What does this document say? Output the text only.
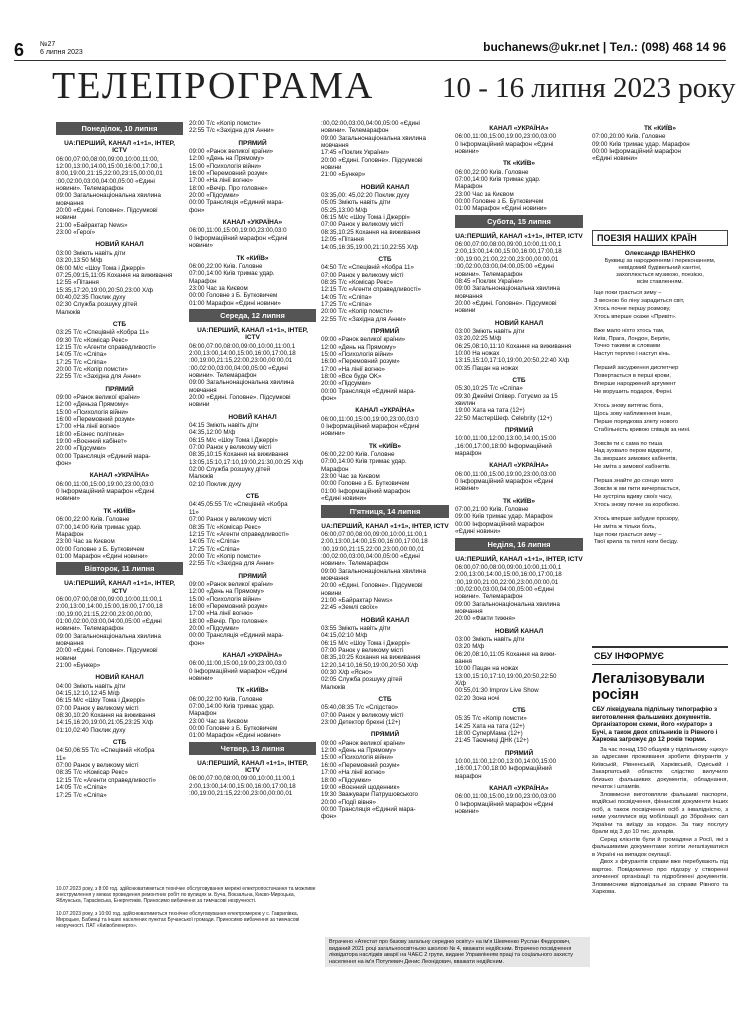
6 №27
6 липня 2023	buchanews@ukr.net | Тел.: (098) 468 14 96
ТЕЛЕПРОГРАМА 10 - 16 липня 2023 року
Понеділок, 10 липня
UA:ПЕРШИЙ, КАНАЛ «1+1», ІНТЕР, ICTV
06:00,07:00,08:00,09:00,10:00,11:00,
12:00,13:00,14:00,15:00,16:00,17:00,1
8:00,19:00,21:15,22:00,23:15,00:00,01
:00,02:00,03:00,04:00,05:00 «Єдині
новини». Телемарафон
09:00 Загальнонаціональна хвилина
мовчання
20:00 «Єдині. Головне». Підсумкові
новини
21:00 «Байрактар News»
23:00 «Герої»
НОВИЙ КАНАЛ
03:00 Зміють навіть діти
03:20,13:50 М/ф
06:00 М/с «Шоу Тома і Джеррі»
07:25,09:15,11:05 Кохання на виживання
12:55 «Пітання
15:35,17:20,19:00,20:50,23:00 Х/ф
00:40,02:35 Поклик духу
02:30 Служба розшуку дітей
Малюків
СТБ
03:25 Т/с «Спецівній «Кобра 11»
09:30 Т/с «Комісар Рекс»
12:15 Т/с «Агенти справедливості»
14:05 Т/с «Сліпа»
17:25 Т/с «Сліпа»
20:00 Т/с «Копір помсти»
22:55 Т/с «Західна для Анни»
ПРЯМИЙ
09:00 «Ранок великої країни»
12:00 «Деньза Прямому»
15:00 «Психологія війни»
16:00 «Перемовний розум»
17:00 «На лінії вогню»
18:00 «Бізнес політика»
19:00 «Воєнний кабінет»
20:00 «Підсумки»
00:00 Трансляція «Єдиний мара-
фон»
КАНАЛ «УКРАЇНА»
06:00,11:00,15:00,19:00,23:00,03:0
0 Інформаційний марафон «Єдині
новини»
ТК «КИЇВ»
06:00,22:00 Київ. Головне
07:00,14:00 Київ тримає удар.
Марафон
23:00 Час за Києвом
00:00 Головне з Б. Бутковичем
01:00 Марафон «Єдині новини»
Вівторок, 11 липня
UA:ПЕРШИЙ, КАНАЛ «1+1», ІНТЕР, ICTV
06:00,07:00,08:00,09:00,10:00,11:00,1
2:00,13:00,14:00,15:00,16:00,17:00,18
:00,19:00,21:15,22:00,23:00,00:00,
01:00,02:00,03:00,04:00,05:00 «Єдині
новини». Телемарафон
09:00 Загальнонаціональна хвилина
мовчання
20:00 «Єдині. Головне». Підсумкові
новини
21:00 «Бункер»
НОВИЙ КАНАЛ
04:00 Зміють навіть діти
04:15,12:10,12:45 М/ф
06:15 М/с «Шоу Тома і Джеррі»
07:00 Ранок у великому місті
08:30,10:20 Кохання на виживання
14:15,16:20,19:00,21:05,23:25 Х/ф
01:10,02:40 Поклик духу
СТБ
04:50,06:55 Т/с «Спецівній «Кобра
11»
07:00 Ранок у великому місті
08:35 Т/с «Комісар Рекс»
12:15 Т/с «Агенти справедливості»
14:05 Т/с «Сліпа»
17:25 Т/с «Сліпа»
20:00 Т/с «Копір помсти»
22:55 Т/с «Західна для Анни»
ПРЯМИЙ
09:00 «Ранок великої країни»
12:00 «День на Прямому»
15:00 «Психологія війни»
16:00 «Перемовний розум»
17:00 «На лінії вогню»
18:00 «Вечір. Про головне»
20:00 «Підсумки»
00:00 Трансляція «Єдиний мара-
фон»
КАНАЛ «УКРАЇНА»
06:00,11:00,15:00,19:00,23:00,03:0
0 Інформаційний марафон «Єдині
новини»
ТК «КИЇВ»
06:00,22:00 Київ. Головне
07:00,14:00 Київ тримає удар.
Марафон
23:00 Час за Києвом
00:00 Головне з Б. Бутковичем
01:00 Марафон «Єдині новини»
Середа, 12 липня
UA:ПЕРШИЙ, КАНАЛ «1+1», ІНТЕР, ICTV
06:00,07:00,08:00,09:00,10:00,11:00,1
2:00,13:00,14:00,15:00,16:00,17:00,18
:00,19:00,21:15,22:00,23:00,00:00,01
:00,02:00,03:00,04:00,05:00 «Єдині
новини». Телемарафон
09:00 Загальнонаціональна хвилина
мовчання
20:00 «Єдині. Головне». Підсумкові
новини
НОВИЙ КАНАЛ
04:15 Зміють навіть діти
04:35,12:00 М/ф
06:15 М/с «Шоу Тома і Джеррі»
07:00 Ранок у великому місті
08:35,10:15 Кохання на виживання
13:05,15:10,17:10,19:00,21:30,00:25 Х/ф
02:00 Служба розшуку дітей
Малюків
02:10 Поклик духу
СТБ
04:45,05:55 Т/с «Спецівній «Кобра
11»
07:00 Ранок у великому місті
08:35 Т/с «Комісар Рекс»
12:15 Т/с «Агенти справедливості»
14:05 Т/с «Сліпа»
17:25 Т/с «Сліпа»
20:00 Т/с «Копір помсти»
22:55 Т/с «Західна для Анни»
ПРЯМИЙ
09:00 «Ранок великої країни»
12:00 «День на Прямому»
15:00 «Психологія війни»
16:00 «Перемовний розум»
17:00 «На лінії вогню»
18:00 «Вечір. Про головне»
20:00 «Підсумки»
00:00 Трансляція «Єдиний мара-
фон»
КАНАЛ «УКРАЇНА»
06:00,11:00,15:00,19:00,23:00,03:0
0 Інформаційний марафон «Єдині
новини»
ТК «КИЇВ»
06:00,22:00 Київ. Головне
07:00,14:00 Київ тримає удар.
Марафон
23:00 Час за Києвом
00:00 Головне з Б. Бутковичем
01:00 Марафон «Єдині новини»
Четвер, 13 липня
UA:ПЕРШИЙ, КАНАЛ «1+1», ІНТЕР, ICTV
06:00,07:00,08:00,09:00,10:00,11:00,1
2:00,13:00,14:00,15:00,16:00,17:00,18
:00,19:00,21:15,22:00,23:00,00:00,01
:00,02:00,03:00,04:00,05:00 «Єдині
новини». Телемарафон
09:00 Загальнонаціональна хвилина
мовчання
17:45 «Поклик України»
20:00 «Єдині. Головне». Підсумкові
новини
21:00 «Бункер»
НОВИЙ КАНАЛ
03:35,00: 45,02:20 Поклик духу
05:05 Зміють навіть діти
05:25,13:00 М/ф
06:15 М/с «Шоу Тома і Джеррі»
07:00 Ранок у великому місті
08:35,10:25 Кохання на виживання
12:05 «Пітання
14:05,16:35,19:00,21:10,22:55 Х/ф
СТБ
04:50 Т/с «Спецівній «Кобра 11»
07:00 Ранок у великому місті
08:35 Т/с «Комісар Рекс»
12:15 Т/с «Агенти справедливості»
14:05 Т/с «Сліпа»
17:25 Т/с «Сліпа»
20:00 Т/с «Копір помсти»
22:55 Т/с «Західна для Анни»
ПРЯМИЙ
09:00 «Ранок великої країни»
12:00 «День на Прямому»
15:00 «Психологія війни»
16:00 «Перемовний розум»
17:00 «На лінії вогню»
18:00 «Все буде OK»
20:00 «Підсумки»
00:00 Трансляція «Єдиний мара-
фон»
КАНАЛ «УКРАЇНА»
06:00,11:00,15:00,19:00,23:00,03:0
0 Інформаційний марафон «Єдині
новини»
ТК «КИЇВ»
06:00,22:00 Київ. Головне
07:00,14:00 Київ тримає удар.
Марафон
23:00 Час за Києвом
00:00 Головне з Б. Бутковичем
01:00 Інформаційний марафон
«Єдині новини»
П'ятниця, 14 липня
UA:ПЕРШИЙ, КАНАЛ «1+1», ІНТЕР, ICTV
06:00,07:00,08:00,09:00,10:00,11:00,1
2:00,13:00,14:00,15:00,16:00,17:00,18
:00,19:00,21:15,22:00,23:00,00:00,01
:00,02:00,03:00,04:00,05:00 «Єдині
новини». Телемарафон
09:00 Загальнонаціональна хвилина
мовчання
20:00 «Єдині. Головне». Підсумкові
новини
21:00 «Байрактар News»
22:45 «Землі своїх»
НОВИЙ КАНАЛ
03:55 Зміють навіть діти
04:15,02:10 М/ф
06:15 М/с «Шоу Тома і Джеррі»
07:00 Ранок у великому місті
08:35,10:25 Кохання на виживання
12:20,14:10,16:50,19:00,20:50 Х/ф
00:30 Х/ф «Ясно»
02:05 Служба розшуку дітей
Малюків
СТБ
05:40,08:35 Т/с «Слідство»
07:00 Ранок у великому місті
23:00 Детектор брехні (12+)
ПРЯМИЙ
09:00 «Ранок великої країни»
12:00 «День на Прямому»
15:00 «Психологія війни»
16:00 «Перемовний розум»
17:00 «На лінії вогню»
18:00 «Підсумки»
19:00 «Воєнний щоденник»
19:30 Зважувари Патрушовського
20:00 «Події вівня»
00:00 Трансляція «Єдиний мара-
фон»
КАНАЛ «УКРАЇНА»
06:00,11:00,15:00,19:00,23:00,03:00
0 Інформаційний марафон «Єдині
новини»
ТК «КИЇВ»
06:00,22:00 Київ. Головне
07:00,14:00 Київ тримає удар.
Марафон
23:00 Час за Києвом
00:00 Головне з Б. Бутковичем
01:00 Марафон «Єдині новини»
Субота, 15 липня
UA:ПЕРШИЙ, КАНАЛ «1+1», ІНТЕР, ICTV
06:00,07:00,08:00,09:00,10:00,11:00,1
2:00,13:00,14:00,15:00,16:00,17:00,18
:00,19:00,21:00,22:00,23:00,00:00,01
:00,02:00,03:00,04:00,05:00 «Єдині
новини». Телемарафон
08:45 «Поклик України»
09:00 Загальнонаціональна хвилина
мовчання
20:00 «Єдині. Головне». Підсумкові
новини
НОВИЙ КАНАЛ
03:00 Зміють навіть діти
03:20,02:25 М/ф
06:25,08:10,11:10 Кохання на виживання
10:00 На ножах
13:15,15:10,17:10,19:00,20:50,22:40 Х/ф
00:35 Пацан на ножах
СТБ
05:30,10:25 Т/с «Сліпа»
09:30 Джеймі Олівер. Готуємо за 15
хвилин
19:00 Хата на тата (12+)
22:50 МастерШеф. Celebrity (12+)
ПРЯМИЙ
10:00,11:00,12:00,13:00,14:00,15:00
,16:00,17:00,18:00 Інформаційний
марафон
КАНАЛ «УКРАЇНА»
06:00,11:00,15:00,19:00,23:00,03:00
0 Інформаційний марафон «Єдині
новини»
ТК «КИЇВ»
07:00,21:00 Київ. Головне
09:00 Київ тримає удар. Марафон
00:00 Інформаційний марафон
«Єдині новини»
Неділя, 16 липня
UA:ПЕРШИЙ, КАНАЛ «1+1», ІНТЕР, ICTV
06:00,07:00,08:00,09:00,10:00,11:00,1
2:00,13:00,14:00,15:00,16:00,17:00,18
:00,19:00,21:00,22:00,23:00,00:00,01
:00,02:00,03:00,04:00,05:00 «Єдині
новини». Телемарафон
09:00 Загальнонаціональна хвилина
мовчання
20:00 «Факти тижня»
НОВИЙ КАНАЛ
03:00 Зміють навіть діти
03:20 М/ф
06:20,08:10,11:05 Кохання на вижи-
вання
10:00 Пацан на ножах
13:00,15:10,17:10,19:00,20:50,22:50
Х/ф
00:55,01:30 Improv Live Show
02:20 Зона ночі
СТБ
05:35 Т/с «Копір помсти»
14:25 Хата на тата (12+)
18:00 СуперМама (12+)
21:45 Таємниці ДНК (12+)
ПРЯМИЙ
10:00,11:00,12:00,13:00,14:00,15:00
,16:00,17:00,18:00 Інформаційний
марафон
КАНАЛ «УКРАЇНА»
06:00,11:00,15:00,19:00,23:00,03:00
0 Інформаційний марафон «Єдині
новини»
ТК «КИЇВ»
07:00,20:00 Київ. Головне
09:00 Київ тримає удар. Марафон
00:00 Інформаційний марафон
«Єдині новини»

10.07.2023 року, з 8:00 год. здійснюватиметься технічне обслуговування мережі електропостачання та можливе знеструмлення у межах проведення ремонтних робіт по вулицях м. Буча, Вокзальна, Києво-Мироцька, Яблунська, Тарасівська, Енергетиків. Приносимо вибачення за тимчасові незручності.

10.07.2023 року, з 10:00 год. здійснюватиметься технічне обслуговування електромереж у с. Гаврилівка, Мироцьке, Бабинці та інших населених пунктах Бучанської громади. Приносимо вибачення за тимчасові незручності. ПАТ «Київобленерго».

Втрачено «Атестат про базову загальну середню освіту» на ім'я Шевченко Руслан Федорович, виданий 2021 році загальноосвітньою школою № 4, вважати недійсним. Втрачено посвідчення ліквідатора наслідків аварії на ЧАЕС 2 групи, видане Управлінням праці та соціального захисту населення на ім'я Потупевич Денис Леонідович, вважати недійсним.
ПОЕЗІЯ НАШИХ КРАЇН
Олександр ІВАНЕНКО
Буквиці за народженням і переконанням,
невідомий будівельний кантіні,
захоплюється музикою, поезією,
всім ставленням.
Іще поки грається зиму –
З весною бо ліну зарадиться світ,
Хтось почне першу розмову,
Хтось вперше скаже «Привіт».
Вже мало ніхто хтось там,
Київ, Прага, Лондон, Берлін,
Точно такими ж словами
Наступ терплю і наступ кінь.
Перший засудження диспетчер
Повертається в перші кроки,
Вперше народжений аргумент
Не ворушить подарок, Ферні.
Хтось знову витягає бога,
Щось зову наближення інше,
Перше порядкова злету нового
Стабільність кривою співців за нині.
Зовсім ти є сама по тиша
Над зухвало пером відкрити,
За зморших зимових кабінетів,
Не зміта з зимової кабінетів.
Перша знайте до сонцю мого
Зовсім ж ми пити вичерпається,
Не зустріла вдиву своїх часу,
Хтось знову почне за коробкою.
Хтось вперше забудне прозору,
Не зміта ж тільки боль,
Іще поки грається зиму –
Твої крила та теплі ноги бесіду.
СБУ ІНФОРМУЄ
Легалізовували росіян
СБУ ліквідувала підпільну типографію з виготовлення фальшивих документів. Організатором схеми, його «куратор» з Бучі, а також двох спільників із Рівного і Харкова загрожує до 12 років тюрми.

За час понад 150 обшуків у підпільному «цеху» за адресами проживання зробити фігурантів у Київській, Рівненській, Харківській, Одеській і Закарпатській областях слідство вилучило близько фальшивих документів, обладнання, печаток і штампів.

Зловмисни виготовляли фальшиві паспорти, водійські посвідчення, фінансові документи інших осіб, а також посвідчення осіб з інвалідністю, з ними ухилялися від мобілізації до Збройних сил України та виїзду за кордон. За таку послугу брали від 3 до 10 тис. доларів.

Серед клієнтів були й громадяни з Росії, які з фальшивими документами хотіли легалізуватися в Україні на випадок окупації.

Двох з фігурантів справи вже перебувають під вартою. Повідомлено про підозру у створенні злочинної організації та підробленні документів. Зловмисники відповідальні за справи Рівного та Харкова.
